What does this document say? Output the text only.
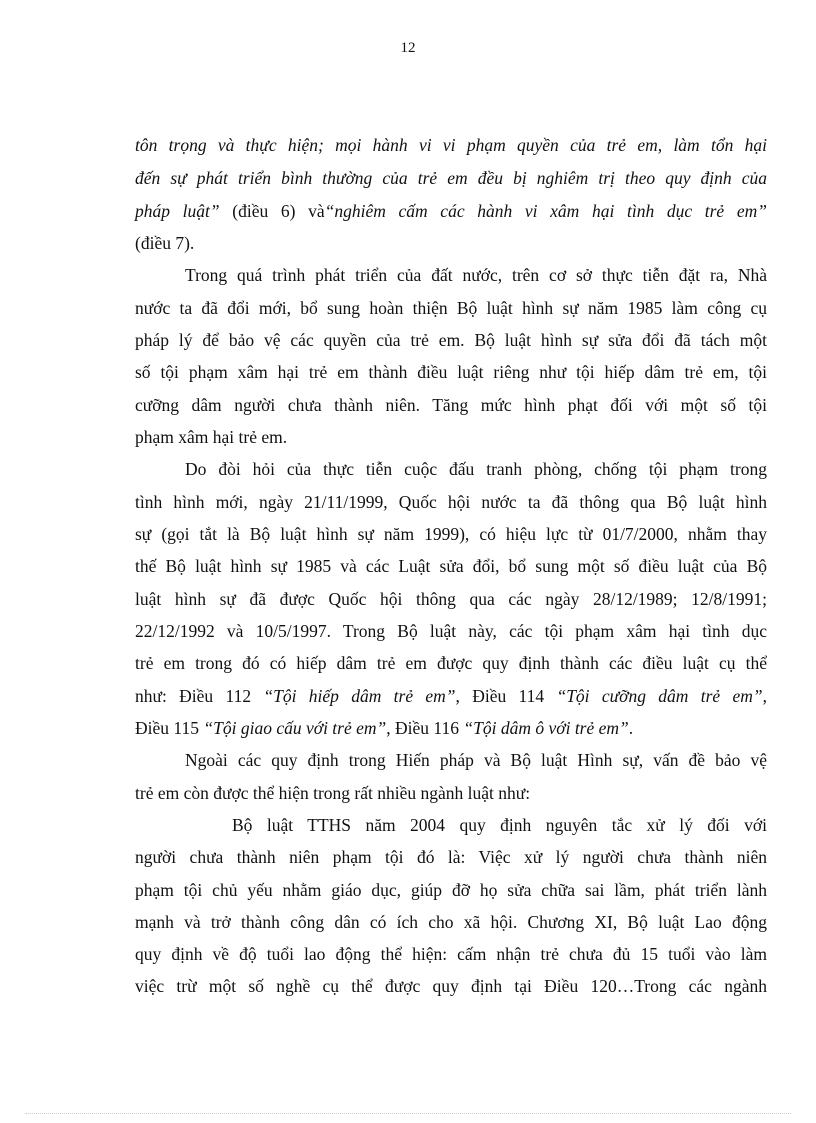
12
tôn trọng và thực hiện; mọi hành vi vi phạm quyền của trẻ em, làm tổn hại
đến sự phát triển bình thường của trẻ em đều bị nghiêm trị theo quy định của
pháp luật” (điều 6) và“nghiêm cấm các hành vi xâm hại tình dục trẻ em”
(điều 7).
Trong quá trình phát triển của đất nước, trên cơ sở thực tiễn đặt ra, Nhà
nước ta đã đổi mới, bổ sung hoàn thiện Bộ luật hình sự năm 1985 làm công cụ
pháp lý để bảo vệ các quyền của trẻ em. Bộ luật hình sự sửa đổi đã tách một
số tội phạm xâm hại trẻ em thành điều luật riêng như tội hiếp dâm trẻ em, tội
cưỡng dâm người chưa thành niên. Tăng mức hình phạt đối với một số tội
phạm xâm hại trẻ em.
Do đòi hỏi của thực tiễn cuộc đấu tranh phòng, chống tội phạm trong
tình hình mới, ngày 21/11/1999, Quốc hội nước ta đã thông qua Bộ luật hình
sự (gọi tắt là Bộ luật hình sự năm 1999), có hiệu lực từ 01/7/2000, nhằm thay
thế Bộ luật hình sự 1985 và các Luật sửa đổi, bổ sung một số điều luật của Bộ
luật hình sự đã được Quốc hội thông qua các ngày 28/12/1989; 12/8/1991;
22/12/1992 và 10/5/1997. Trong Bộ luật này, các tội phạm xâm hại tình dục
trẻ em trong đó có hiếp dâm trẻ em được quy định thành các điều luật cụ thể
như: Điều 112 “Tội hiếp dâm trẻ em”, Điều 114 “Tội cưỡng dâm trẻ em”,
Điều 115 “Tội giao cấu với trẻ em”, Điều 116 “Tội dâm ô với trẻ em”.
Ngoài các quy định trong Hiến pháp và Bộ luật Hình sự, vấn đề bảo vệ
trẻ em còn được thể hiện trong rất nhiều ngành luật như:
Bộ luật TTHS năm 2004 quy định nguyên tắc xử lý đối với
người chưa thành niên phạm tội đó là: Việc xử lý người chưa thành niên
phạm tội chủ yếu nhằm giáo dục, giúp đỡ họ sửa chữa sai lầm, phát triển lành
mạnh và trở thành công dân có ích cho xã hội. Chương XI, Bộ luật Lao động
quy định về độ tuổi lao động thể hiện: cấm nhận trẻ chưa đủ 15 tuổi vào làm
việc trừ một số nghề cụ thể được quy định tại Điều 120…Trong các ngành
